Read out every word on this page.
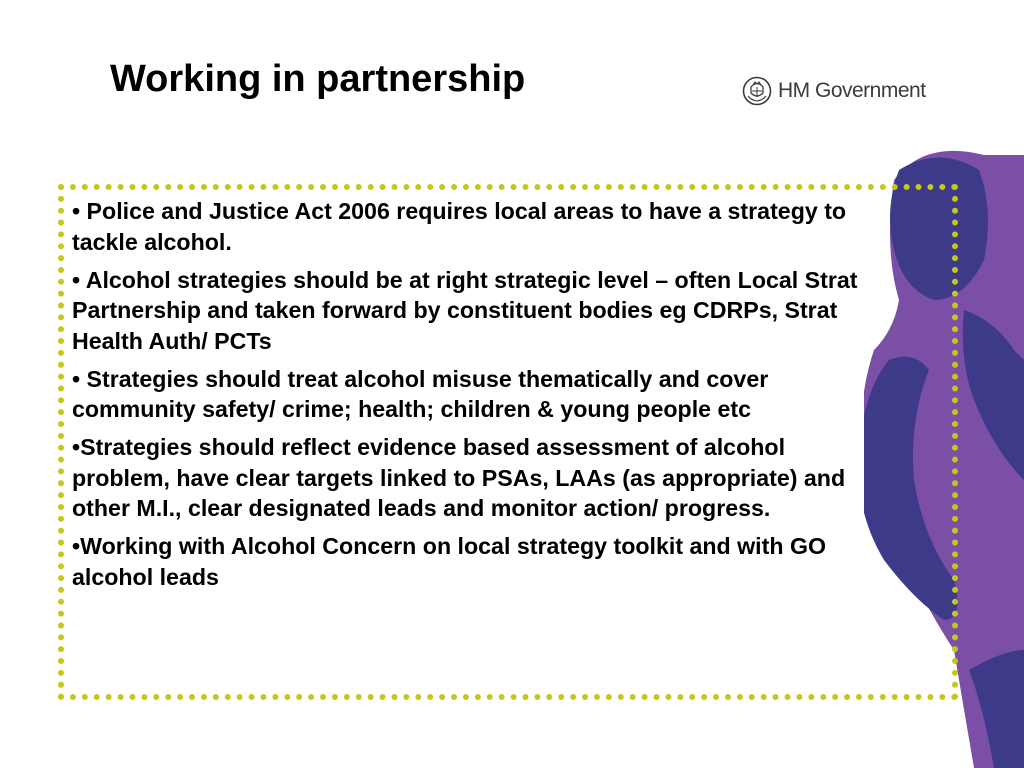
Working in partnership	HM Government
• Police and Justice Act 2006 requires local areas to have a strategy to tackle alcohol.
• Alcohol strategies should be at right strategic level – often Local Strat Partnership and taken forward by constituent bodies eg CDRPs, Strat Health Auth/ PCTs
• Strategies should treat alcohol misuse thematically and cover community safety/ crime; health; children & young people etc
•Strategies should reflect evidence based assessment of alcohol problem, have clear targets linked to PSAs, LAAs (as appropriate) and other M.I., clear designated leads and monitor action/ progress.
•Working with Alcohol Concern on local strategy toolkit and with GO alcohol leads
